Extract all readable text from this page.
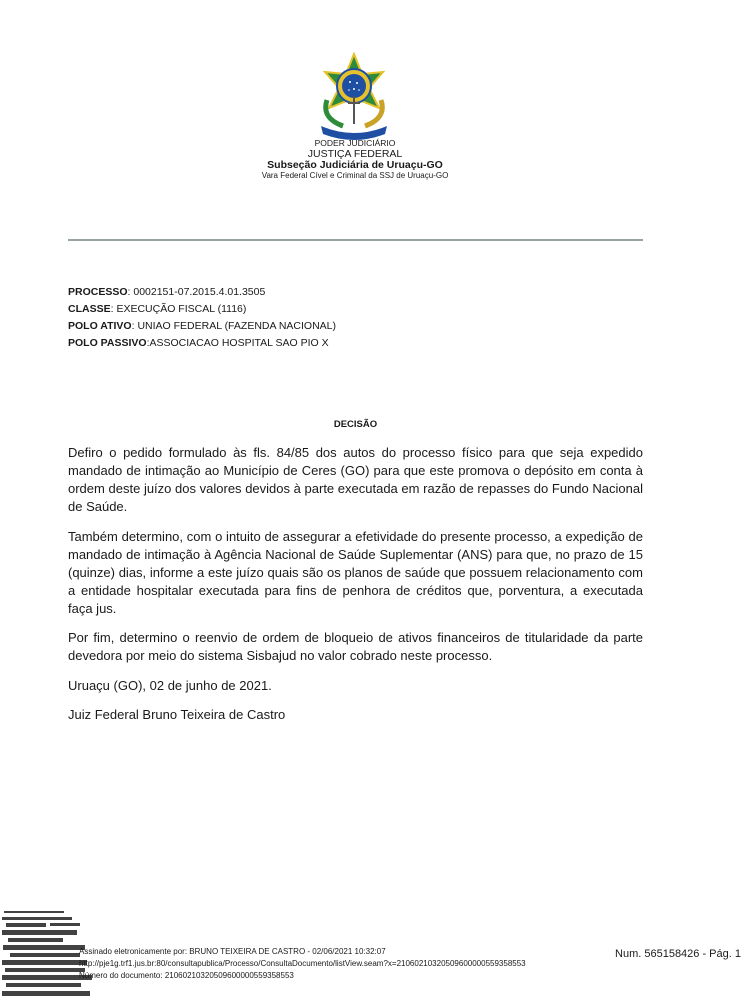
PODER JUDICIÁRIO
JUSTIÇA FEDERAL
Subseção Judiciária de Uruaçu-GO
Vara Federal Cível e Criminal da SSJ de Uruaçu-GO
PROCESSO: 0002151-07.2015.4.01.3505
CLASSE: EXECUÇÃO FISCAL (1116)
POLO ATIVO: UNIAO FEDERAL (FAZENDA NACIONAL)
POLO PASSIVO:ASSOCIACAO HOSPITAL SAO PIO X
DECISÃO

Defiro o pedido formulado às fls. 84/85 dos autos do processo físico para que seja expedido mandado de intimação ao Município de Ceres (GO) para que este promova o depósito em conta à ordem deste juízo dos valores devidos à parte executada em razão de repasses do Fundo Nacional de Saúde.

Também determino, com o intuito de assegurar a efetividade do presente processo, a expedição de mandado de intimação à Agência Nacional de Saúde Suplementar (ANS) para que, no prazo de 15 (quinze) dias, informe a este juízo quais são os planos de saúde que possuem relacionamento com a entidade hospitalar executada para fins de penhora de créditos que, porventura, a executada faça jus.

Por fim, determino o reenvio de ordem de bloqueio de ativos financeiros de titularidade da parte devedora por meio do sistema Sisbajud no valor cobrado neste processo.

Uruaçu (GO), 02 de junho de 2021.

Juiz Federal Bruno Teixeira de Castro

Assinado eletronicamente por: BRUNO TEIXEIRA DE CASTRO - 02/06/2021 10:32:07
http://pje1g.trf1.jus.br:80/consultapublica/Processo/ConsultaDocumento/listView.seam?x=21060210320509600000559358553
Número do documento: 21060210320509600000559358553
Num. 565158426 - Pág. 1
